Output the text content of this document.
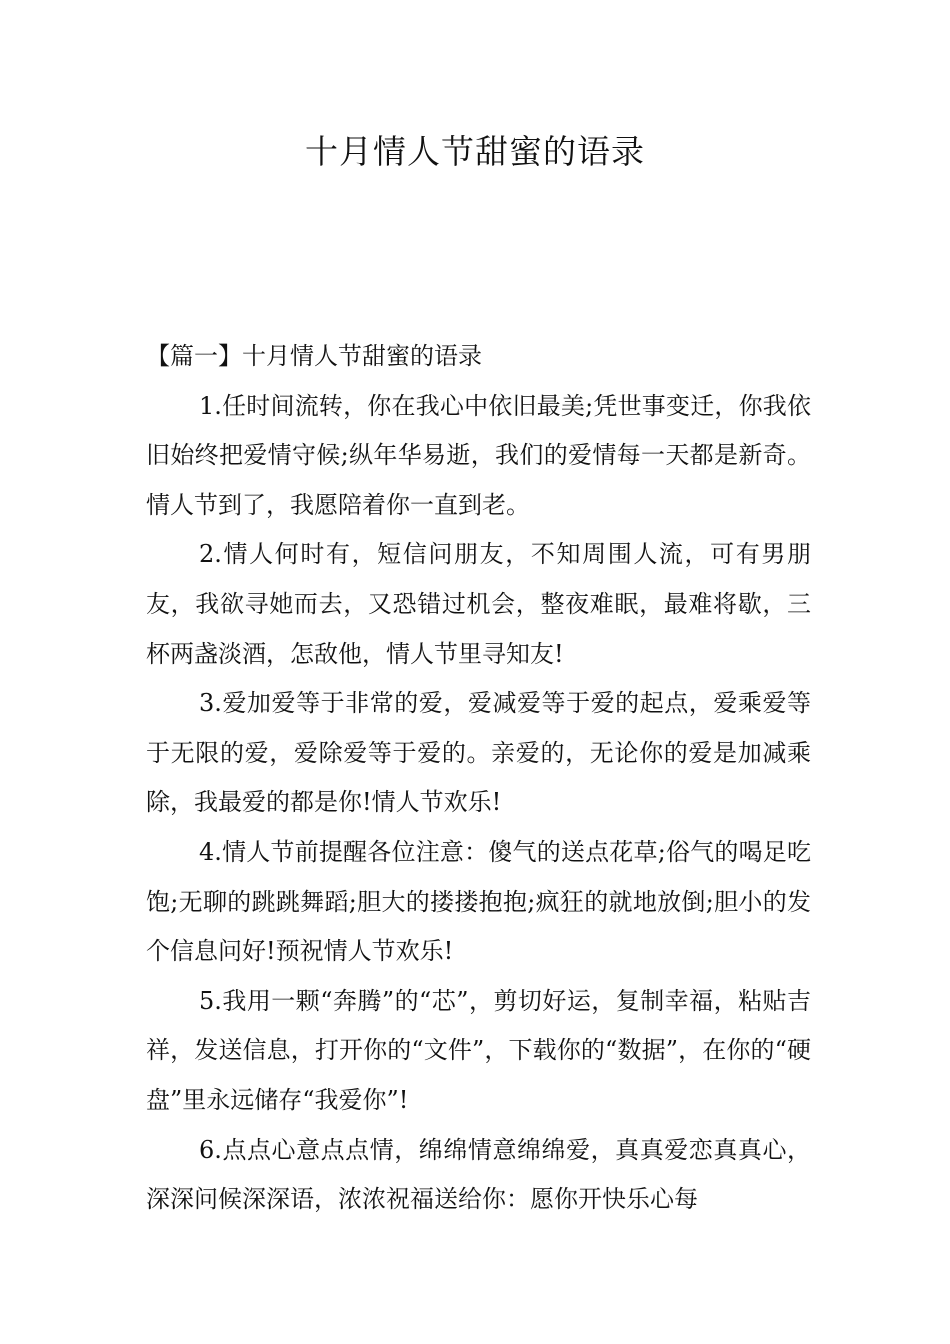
十月情人节甜蜜的语录

【篇一】十月情人节甜蜜的语录

1.任时间流转，你在我心中依旧最美;凭世事变迁，你我依旧始终把爱情守候;纵年华易逝，我们的爱情每一天都是新奇。情人节到了，我愿陪着你一直到老。

2.情人何时有，短信问朋友，不知周围人流，可有男朋友，我欲寻她而去，又恐错过机会，整夜难眠，最难将歇，三杯两盏淡酒，怎敌他，情人节里寻知友!

3.爱加爱等于非常的爱，爱减爱等于爱的起点，爱乘爱等于无限的爱，爱除爱等于爱的。亲爱的，无论你的爱是加减乘除，我最爱的都是你!情人节欢乐!

4.情人节前提醒各位注意：傻气的送点花草;俗气的喝足吃饱;无聊的跳跳舞蹈;胆大的搂搂抱抱;疯狂的就地放倒;胆小的发个信息问好!预祝情人节欢乐!

5.我用一颗“奔腾”的“芯”，剪切好运，复制幸福，粘贴吉祥，发送信息，打开你的“文件”，下载你的“数据”，在你的“硬盘”里永远储存“我爱你”!

6.点点心意点点情，绵绵情意绵绵爱，真真爱恋真真心，深深问候深深语，浓浓祝福送给你：愿你开快乐心每
